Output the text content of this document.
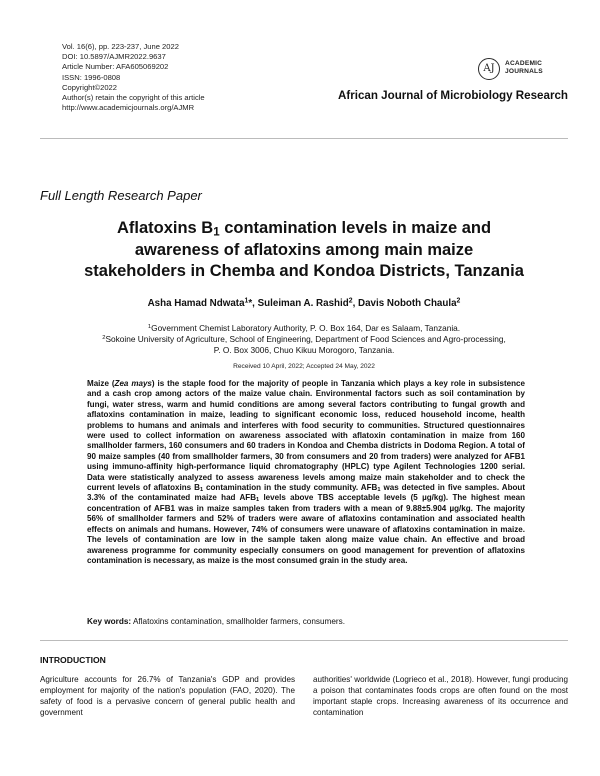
Vol. 16(6), pp. 223-237, June 2022
DOI: 10.5897/AJMR2022.9637
Article Number: AFA605069202
ISSN: 1996-0808
Copyright©2022
Author(s) retain the copyright of this article
http://www.academicjournals.org/AJMR
AJ	ACADEMIC
JOURNALS
African Journal of Microbiology Research
Full Length Research Paper
Aflatoxins $B_1$ contamination levels in maize and
awareness of aflatoxins among main maize
stakeholders in Chemba and Kondoa Districts, Tanzania
Asha Hamad Ndwata$^1$*, Suleiman A. Rashid$^2$, Davis Noboth Chaula$^2$
$^1$Government Chemist Laboratory Authority, P. O. Box 164, Dar es Salaam, Tanzania.
$^2$Sokoine University of Agriculture, School of Engineering, Department of Food Sciences and Agro-processing,
P. O. Box 3006, Chuo Kikuu Morogoro, Tanzania.
Received 10 April, 2022; Accepted 24 May, 2022
Maize (Zea mays) is the staple food for the majority of people in Tanzania which plays a key role in subsistence and a cash crop among actors of the maize value chain. Environmental factors such as soil contamination by fungi, water stress, warm and humid conditions are among several factors contributing to fungal growth and aflatoxins contamination in maize, leading to significant economic loss, reduced household income, health problems to humans and animals and interferes with food security to communities. Structured questionnaires were used to collect information on awareness associated with aflatoxin contamination in maize from 160 smallholder farmers, 160 consumers and 60 traders in Kondoa and Chemba districts in Dodoma Region. A total of 90 maize samples (40 from smallholder farmers, 30 from consumers and 20 from traders) were analyzed for AFB1 using immuno-affinity high-performance liquid chromatography (HPLC) type Agilent Technologies 1200 serial. Data were statistically analyzed to assess awareness levels among maize main stakeholder and to check the current levels of aflatoxins $B_1$ contamination in the study community. $AFB_1$ was detected in five samples. About 3.3% of the contaminated maize had $AFB_1$ levels above TBS acceptable levels (5 µg/kg). The highest mean concentration of AFB1 was in maize samples taken from traders with a mean of 9.88±5.904 µg/kg. The majority 56% of smallholder farmers and 52% of traders were aware of aflatoxins contamination and associated health effects on animals and humans. However, 74% of consumers were unaware of aflatoxins contamination in maize. The levels of contamination are low in the sample taken along maize value chain. An effective and broad awareness programme for community especially consumers on good management for prevention of aflatoxins contamination is necessary, as maize is the most consumed grain in the study area.
Key words: Aflatoxins contamination, smallholder farmers, consumers.
INTRODUCTION
Agriculture accounts for 26.7% of Tanzania's GDP and provides employment for majority of the nation's population (FAO, 2020). The safety of food is a pervasive concern of general public health and government
authorities' worldwide (Logrieco et al., 2018). However, fungi producing a poison that contaminates foods crops are often found on the most important staple crops. Increasing awareness of its occurrence and contamination
